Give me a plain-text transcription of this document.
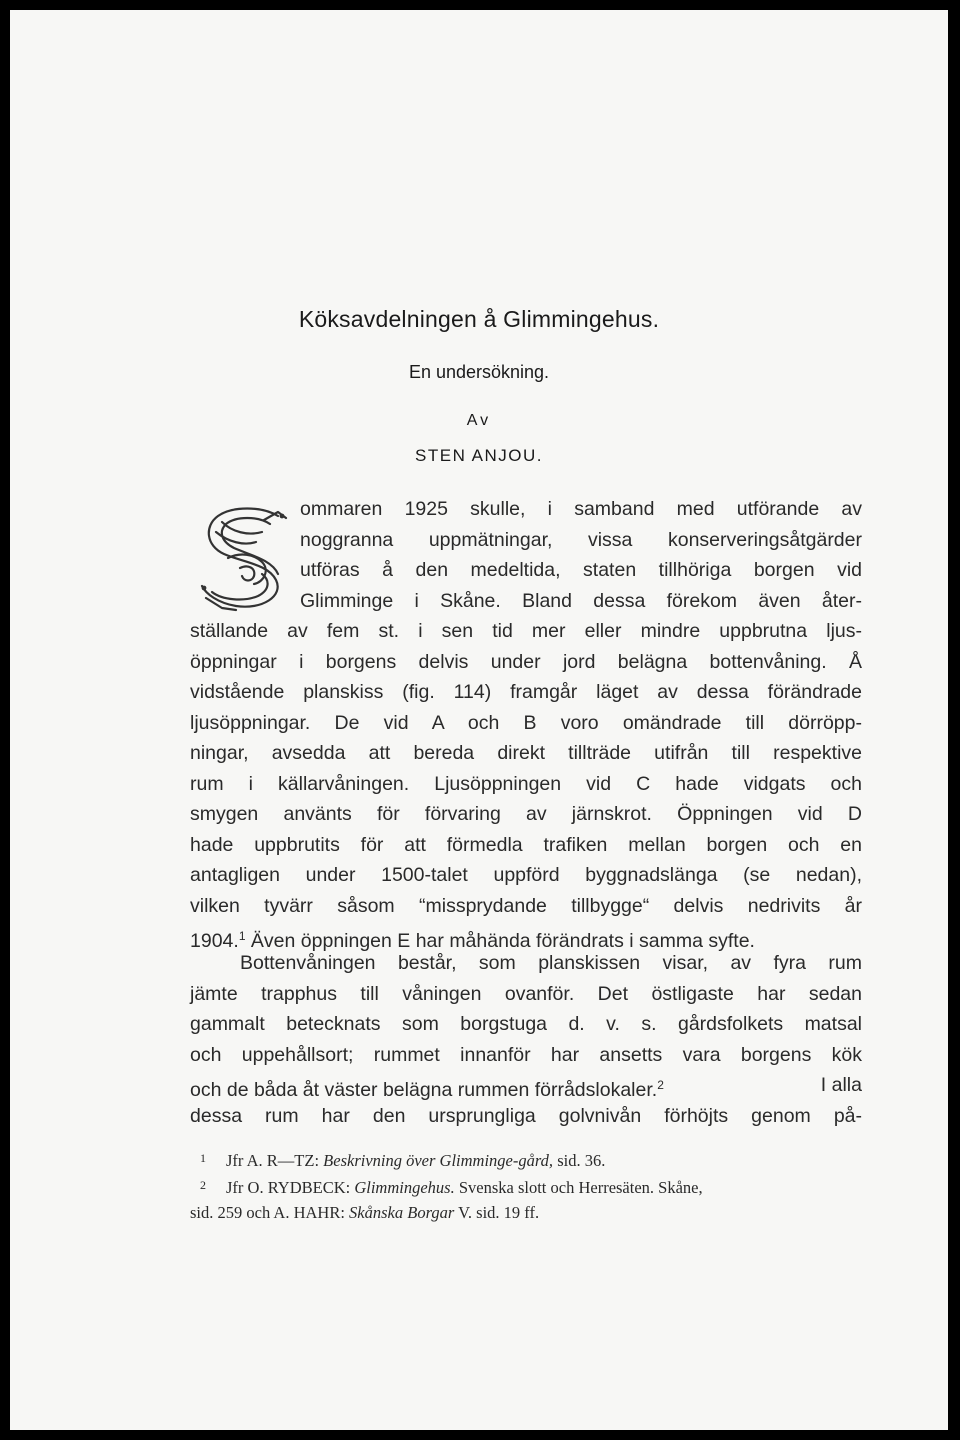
Köksavdelningen å Glimmingehus.
En undersökning.
Av
STEN ANJOU.
ommaren 1925 skulle, i samband med utförande av
noggranna uppmätningar, vissa konserveringsåtgärder
utföras å den medeltida, staten tillhöriga borgen vid
Glimminge i Skåne. Bland dessa förekom även åter-
ställande av fem st. i sen tid mer eller mindre uppbrutna ljus-
öppningar i borgens delvis under jord belägna bottenvåning. Å
vidstående planskiss (fig. 114) framgår läget av dessa förändrade
ljusöppningar. De vid A och B voro omändrade till dörröpp-
ningar, avsedda att bereda direkt tillträde utifrån till respektive
rum i källarvåningen. Ljusöppningen vid C hade vidgats och
smygen använts för förvaring av järnskrot. Öppningen vid D
hade uppbrutits för att förmedla trafiken mellan borgen och en
antagligen under 1500-talet uppförd byggnadslänga (se nedan),
vilken tyvärr såsom “missprydande tillbygge“ delvis nedrivits år
1904.$^1$ Även öppningen E har måhända förändrats i samma syfte.
Bottenvåningen består, som planskissen visar, av fyra rum
jämte trapphus till våningen ovanför. Det östligaste har sedan
gammalt betecknats som borgstuga d. v. s. gårdsfolkets matsal
och uppehållsort; rummet innanför har ansetts vara borgens kök
och de båda åt väster belägna rummen förrådslokaler.$^2$	I alla
dessa rum har den ursprungliga golvnivån förhöjts genom på-
1 Jfr A. R—TZ: Beskrivning över Glimminge-gård, sid. 36.
2 Jfr O. RYDBECK: Glimmingehus. Svenska slott och Herresäten. Skåne,
sid. 259 och A. HAHR: Skånska Borgar V. sid. 19 ff.
